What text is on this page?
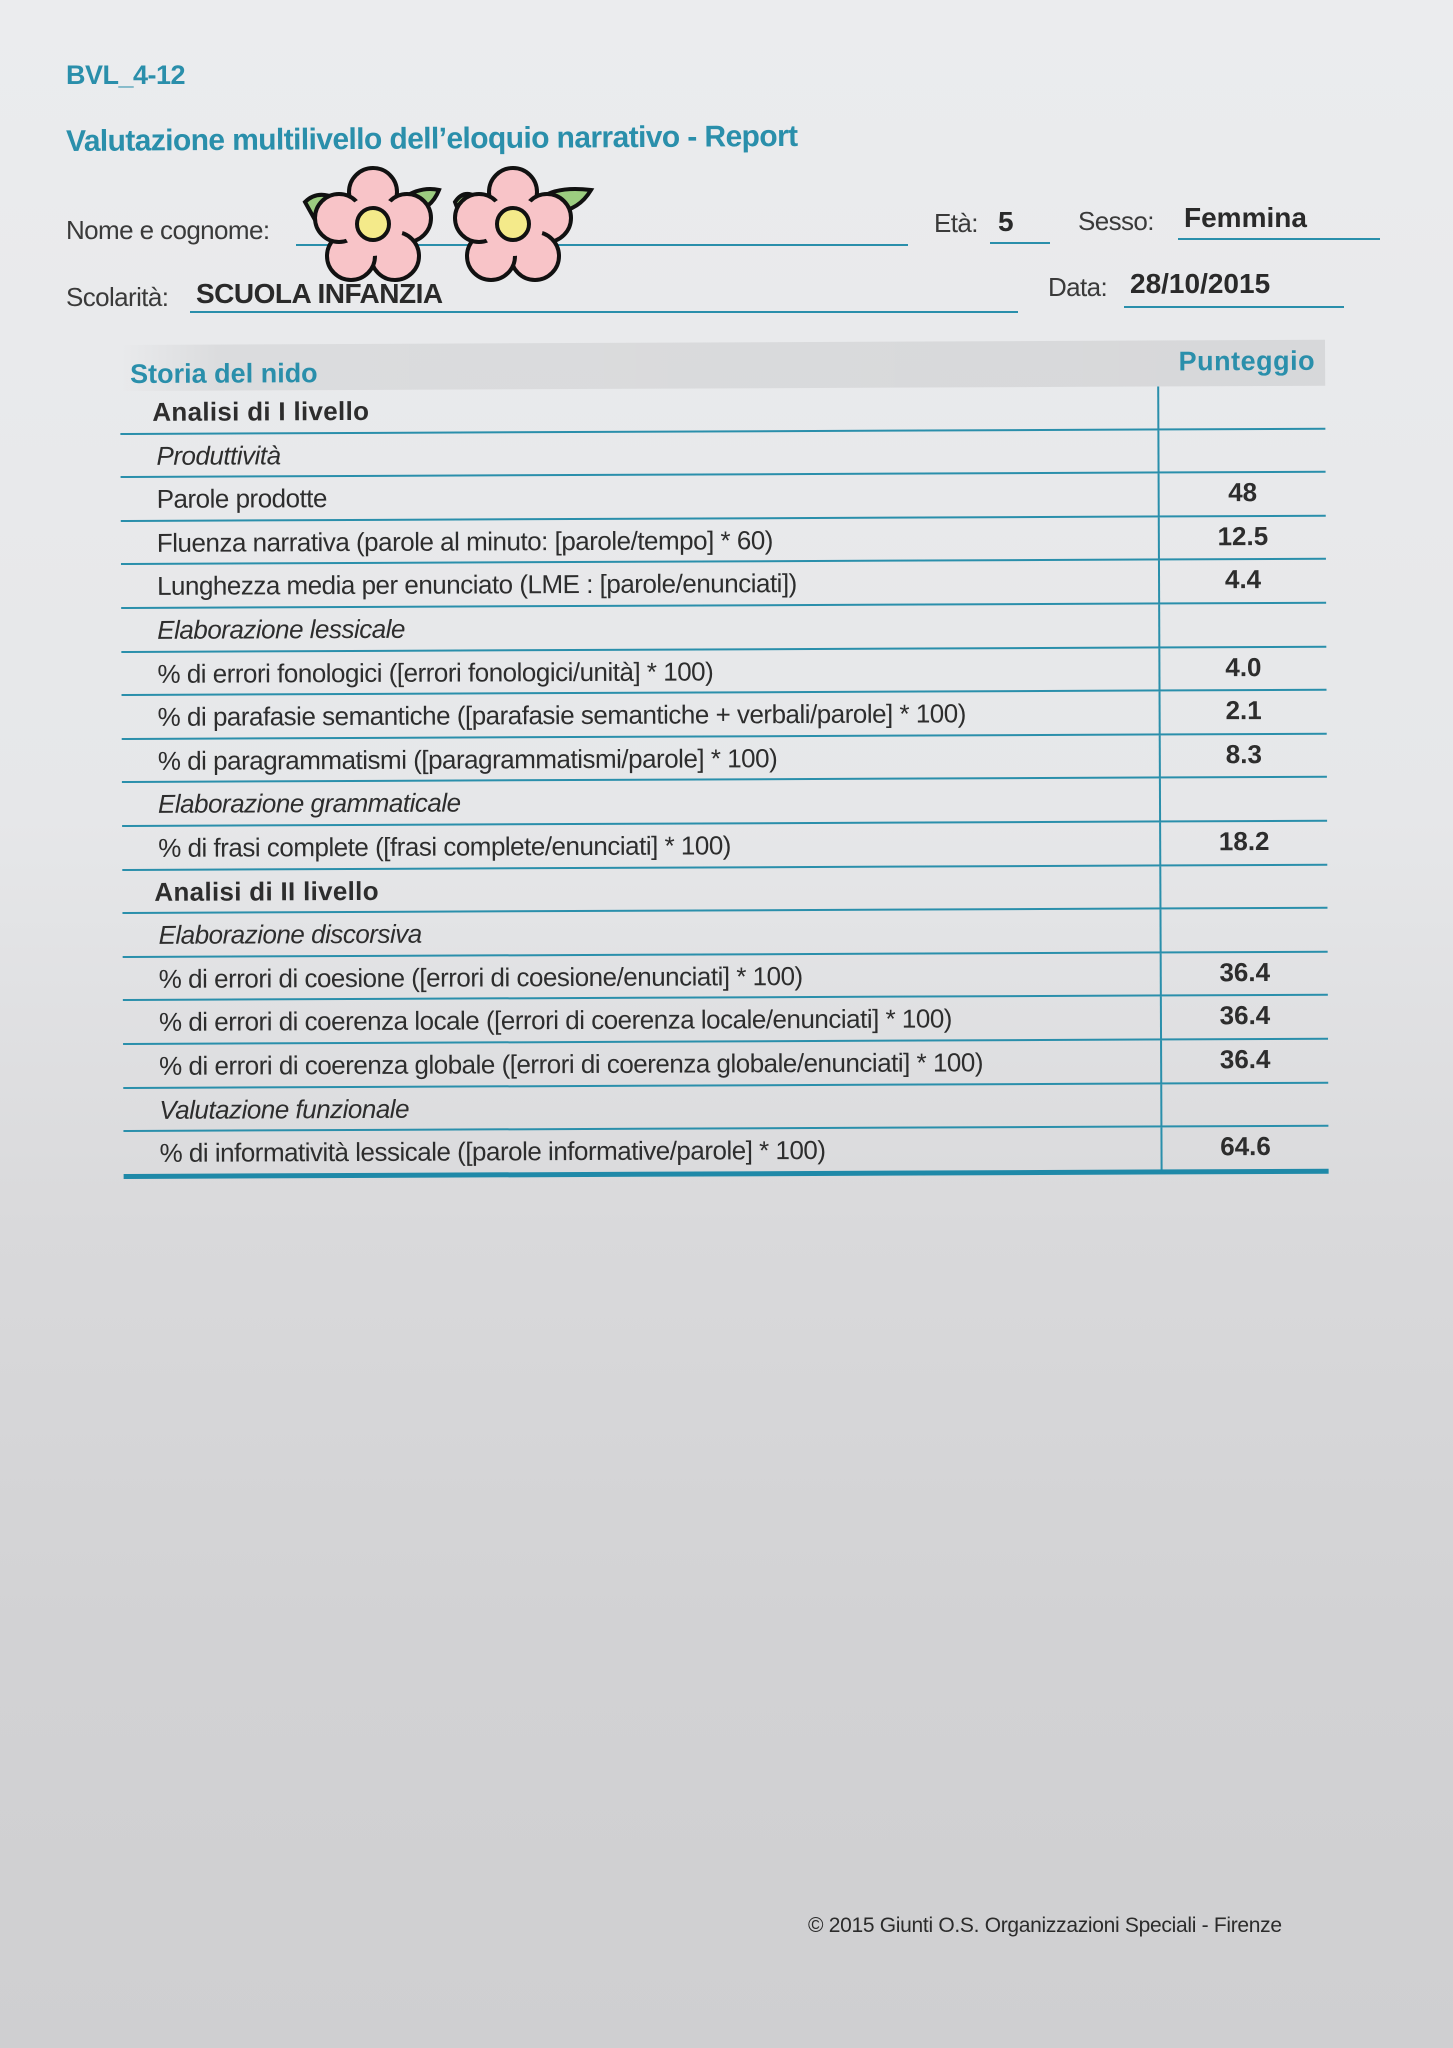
BVL_4-12
Valutazione multilivello dell’eloquio narrativo - Report
Nome e cognome:	Età: 5 Sesso: Femmina
Scolarità: SCUOLA INFANZIA	Data: 28/10/2015
Storia del nido	Punteggio
Analisi di I livello
Produttività
Parole prodotte	48
Fluenza narrativa (parole al minuto: [parole/tempo] * 60)	12.5
Lunghezza media per enunciato (LME : [parole/enunciati])	4.4
Elaborazione lessicale
% di errori fonologici ([errori fonologici/unità] * 100)	4.0
% di parafasie semantiche ([parafasie semantiche + verbali/parole] * 100)	2.1
% di paragrammatismi ([paragrammatismi/parole] * 100)	8.3
Elaborazione grammaticale
% di frasi complete ([frasi complete/enunciati] * 100)	18.2
Analisi di II livello
Elaborazione discorsiva
% di errori di coesione ([errori di coesione/enunciati] * 100)	36.4
% di errori di coerenza locale ([errori di coerenza locale/enunciati] * 100)	36.4
% di errori di coerenza globale ([errori di coerenza globale/enunciati] * 100)	36.4
Valutazione funzionale
% di informatività lessicale ([parole informative/parole] * 100)	64.6
© 2015 Giunti O.S. Organizzazioni Speciali - Firenze
